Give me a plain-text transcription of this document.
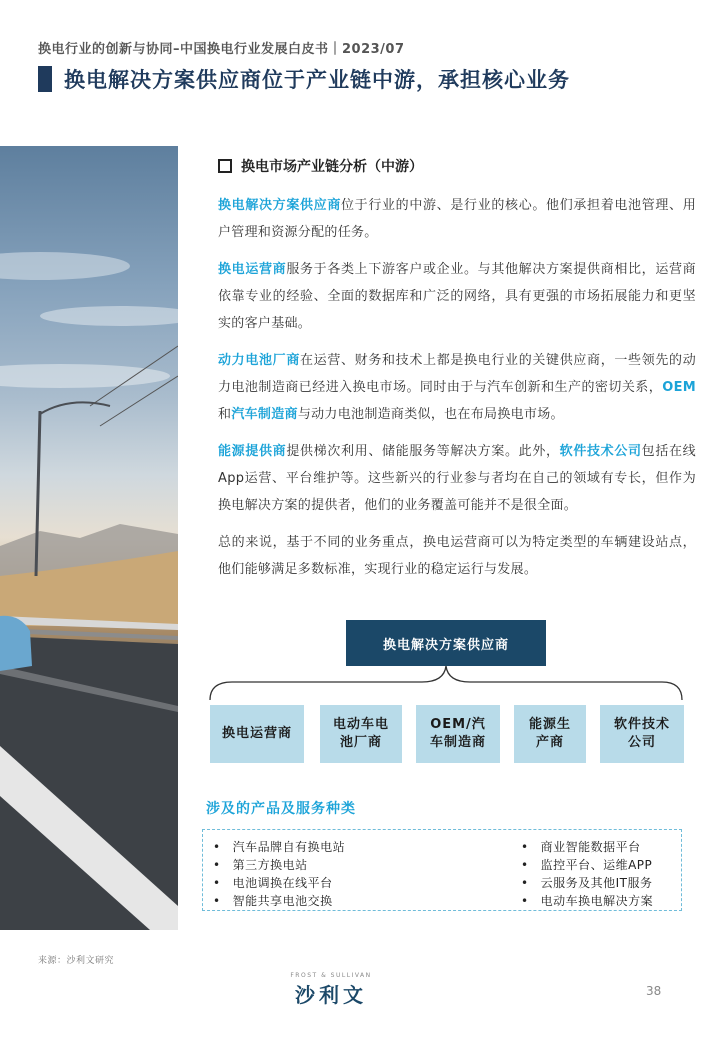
换电行业的创新与协同–中国换电行业发展白皮书｜2023/07
换电解决方案供应商位于产业链中游，承担核心业务
换电市场产业链分析（中游）

换电解决方案供应商位于行业的中游、是行业的核心。他们承担着电池管理、用户管理和资源分配的任务。

换电运营商服务于各类上下游客户或企业。与其他解决方案提供商相比，运营商依靠专业的经验、全面的数据库和广泛的网络，具有更强的市场拓展能力和更坚实的客户基础。

动力电池厂商在运营、财务和技术上都是换电行业的关键供应商，一些领先的动力电池制造商已经进入换电市场。同时由于与汽车创新和生产的密切关系，OEM和汽车制造商与动力电池制造商类似，也在布局换电市场。

能源提供商提供梯次利用、储能服务等解决方案。此外，软件技术公司包括在线App运营、平台维护等。这些新兴的行业参与者均在自己的领域有专长，但作为换电解决方案的提供者，他们的业务覆盖可能并不是很全面。

总的来说，基于不同的业务重点，换电运营商可以为特定类型的车辆建设站点，他们能够满足多数标准，实现行业的稳定运行与发展。

换电解决方案供应商
换电运营商
电动车电池厂商
OEM/汽车制造商
能源生产商
软件技术公司
涉及的产品及服务种类
• 汽车品牌自有换电站
• 第三方换电站
• 电池调换在线平台
• 智能共享电池交换
• 商业智能数据平台
• 监控平台、运维APP
• 云服务及其他IT服务
• 电动车换电解决方案
来源：沙利文研究
FROST & SULLIVAN
沙利文	38
